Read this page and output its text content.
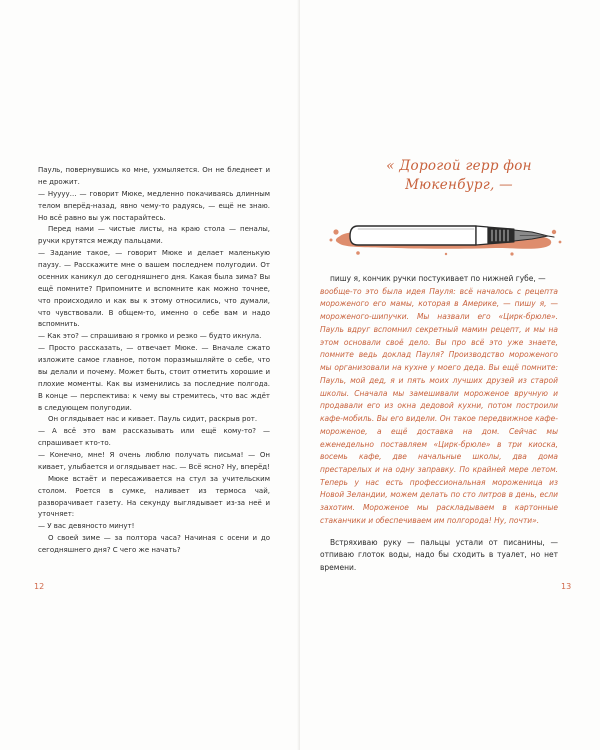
Пауль, повернувшись ко мне, ухмыляется. Он не бледнеет и не дрожит.

— Нуууу… — говорит Мюке, медленно покачиваясь длинным телом вперёд-назад, явно чему-то радуясь, — ещё не знаю. Но всё равно вы уж постарайтесь.

Перед нами — чистые листы, на краю стола — пеналы, ручки крутятся между пальцами.

— Задание такое, — говорит Мюке и делает маленькую паузу. — Расскажите мне о вашем последнем полугодии. От осенних каникул до сегодняшнего дня. Какая была зима? Вы ещё помните? Припомните и вспомните как можно точнее, что происходило и как вы к этому относились, что думали, что чувствовали. В общем-то, именно о себе вам и надо вспомнить.

— Как это? — спрашиваю я громко и резко — будто икнула.

— Просто рассказать, — отвечает Мюке. — Вначале сжато изложите самое главное, потом поразмышляйте о себе, что вы делали и почему. Может быть, стоит отметить хорошие и плохие моменты. Как вы изменились за последние полгода. В конце — перспектива: к чему вы стремитесь, что вас ждёт в следующем полугодии.

Он оглядывает нас и кивает. Пауль сидит, раскрыв рот.

— А всё это вам рассказывать или ещё кому-то? — спрашивает кто-то.

— Конечно, мне! Я очень люблю получать письма! — Он кивает, улыбается и оглядывает нас. — Всё ясно? Ну, вперёд!

Мюке встаёт и пересаживается на стул за учительским столом. Роется в сумке, наливает из термоса чай, разворачивает газету. На секунду выглядывает из-за неё и уточняет:

— У вас девяносто минут!

О своей зиме — за полтора часа? Начиная с осени и до сегодняшнего дня? С чего же начать?

12
« Дорогой герр фон
Мюкенбург, —

пишу я, кончик ручки постукивает по нижней губе, —

вообще-то это была идея Пауля: всё началось с рецепта мороженого его мамы, которая в Америке, — пишу я, — мороженого-шипучки. Мы назвали его «Цирк-брюле». Пауль вдруг вспомнил секретный мамин рецепт, и мы на этом основали своё дело. Вы про всё это уже знаете, помните ведь доклад Пауля? Производство мороженого мы организовали на кухне у моего деда. Вы ещё помните: Пауль, мой дед, я и пять моих лучших друзей из старой школы. Сначала мы замешивали мороженое вручную и продавали его из окна дедовой кухни, потом построили кафе-мобиль. Вы его видели. Он такое передвижное кафе-мороженое, а ещё доставка на дом. Сейчас мы еженедельно поставляем «Цирк-брюле» в три киоска, восемь кафе, две начальные школы, два дома престарелых и на одну заправку. По крайней мере летом. Теперь у нас есть профессиональная мороженица из Новой Зеландии, можем делать по сто литров в день, если захотим. Мороженое мы раскладываем в картонные стаканчики и обеспечиваем им полгорода! Ну, почти».

Встряхиваю руку — пальцы устали от писанины, — отпиваю глоток воды, надо бы сходить в туалет, но нет времени.

13
